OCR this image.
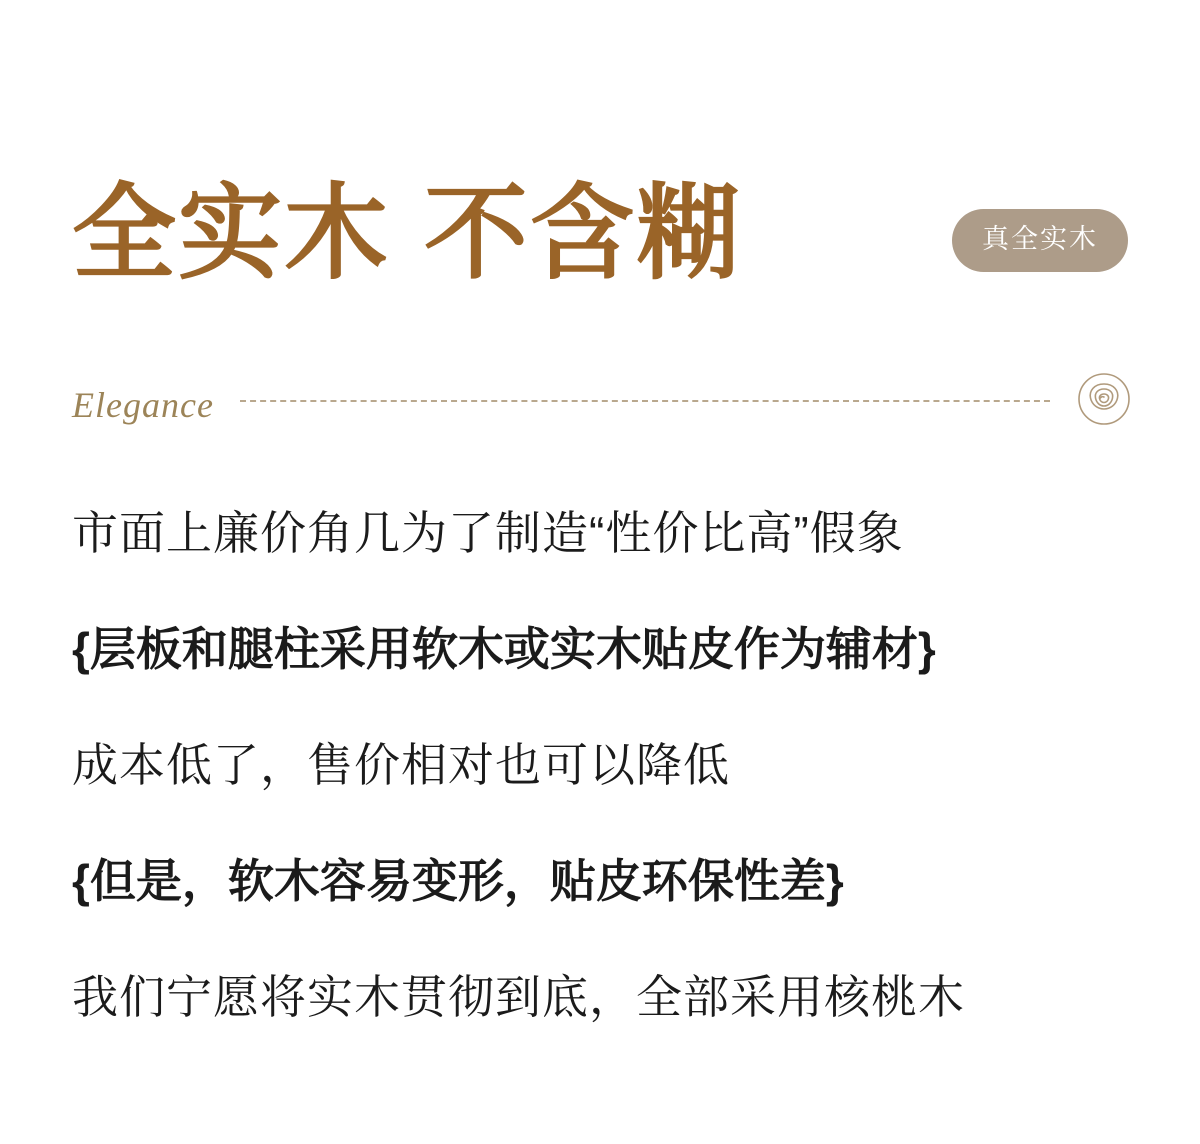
全实木 不含糊	真全实木
Elegance

市面上廉价角几为了制造“性价比高”假象

{层板和腿柱采用软木或实木贴皮作为辅材}

成本低了，售价相对也可以降低

{但是，软木容易变形，贴皮环保性差}

我们宁愿将实木贯彻到底，全部采用核桃木
